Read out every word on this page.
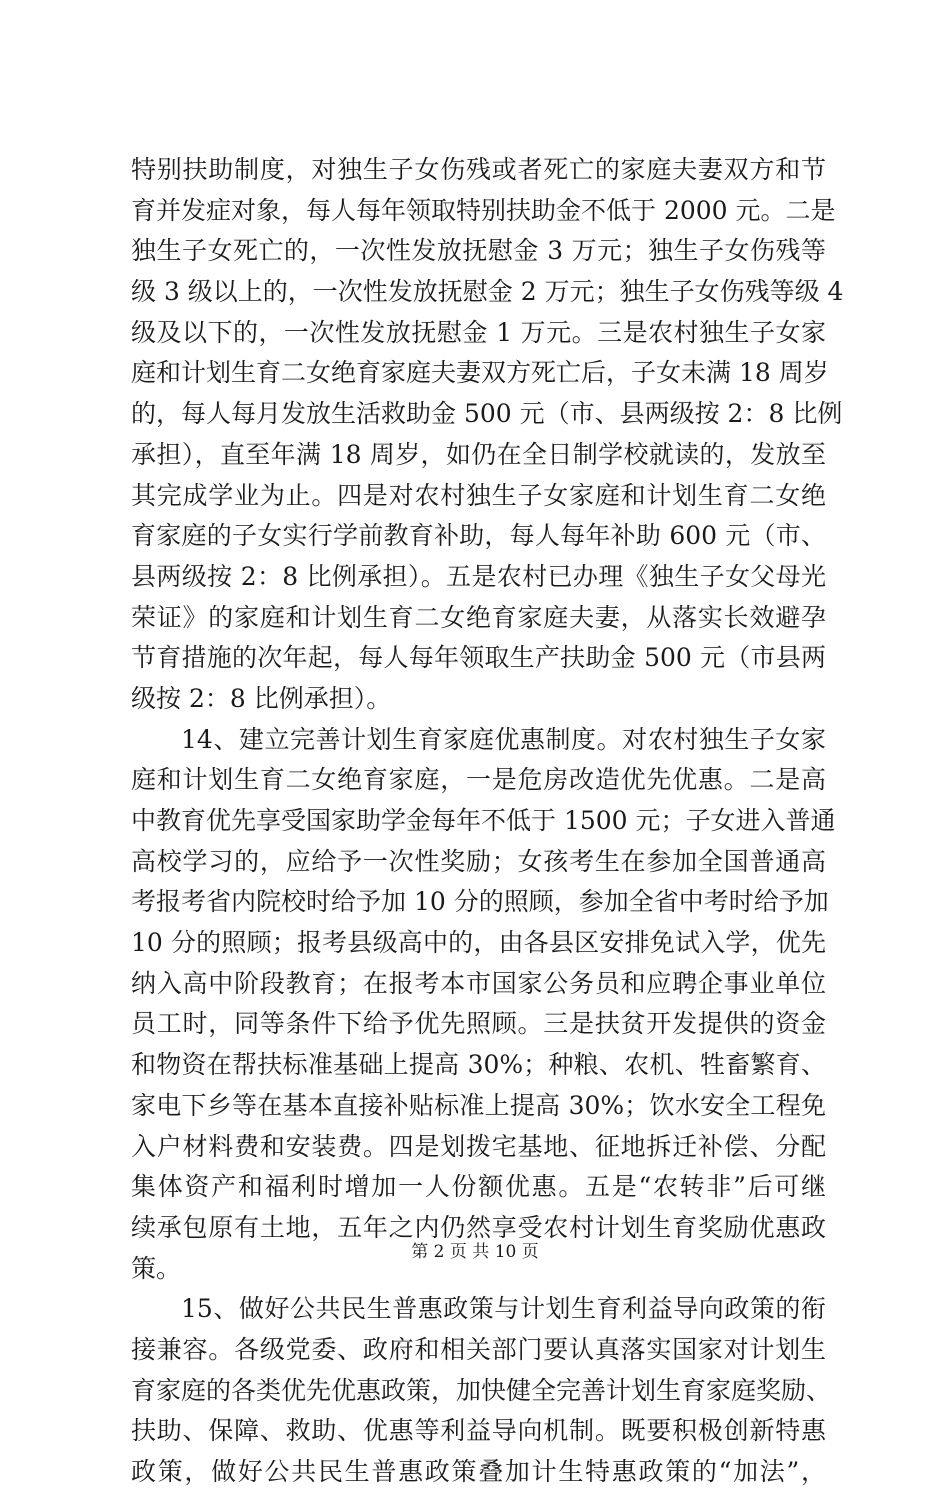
特别扶助制度，对独生子女伤残或者死亡的家庭夫妻双方和节
育并发症对象，每人每年领取特别扶助金不低于 2000 元。二是
独生子女死亡的，一次性发放抚慰金 3 万元；独生子女伤残等
级 3 级以上的，一次性发放抚慰金 2 万元；独生子女伤残等级 4
级及以下的，一次性发放抚慰金 1 万元。三是农村独生子女家
庭和计划生育二女绝育家庭夫妻双方死亡后，子女未满 18 周岁
的，每人每月发放生活救助金 500 元（市、县两级按 2：8 比例
承担），直至年满 18 周岁，如仍在全日制学校就读的，发放至
其完成学业为止。四是对农村独生子女家庭和计划生育二女绝
育家庭的子女实行学前教育补助，每人每年补助 600 元（市、
县两级按 2：8 比例承担）。五是农村已办理《独生子女父母光
荣证》的家庭和计划生育二女绝育家庭夫妻，从落实长效避孕
节育措施的次年起，每人每年领取生产扶助金 500 元（市县两
级按 2：8 比例承担）。
14、建立完善计划生育家庭优惠制度。对农村独生子女家
庭和计划生育二女绝育家庭，一是危房改造优先优惠。二是高
中教育优先享受国家助学金每年不低于 1500 元；子女进入普通
高校学习的，应给予一次性奖励；女孩考生在参加全国普通高
考报考省内院校时给予加 10 分的照顾，参加全省中考时给予加
10 分的照顾；报考县级高中的，由各县区安排免试入学，优先
纳入高中阶段教育；在报考本市国家公务员和应聘企事业单位
员工时，同等条件下给予优先照顾。三是扶贫开发提供的资金
和物资在帮扶标准基础上提高 30%；种粮、农机、牲畜繁育、
家电下乡等在基本直接补贴标准上提高 30%；饮水安全工程免
入户材料费和安装费。四是划拨宅基地、征地拆迁补偿、分配
集体资产和福利时增加一人份额优惠。五是“农转非”后可继
续承包原有土地，五年之内仍然享受农村计划生育奖励优惠政
策。
15、做好公共民生普惠政策与计划生育利益导向政策的衔
接兼容。各级党委、政府和相关部门要认真落实国家对计划生
育家庭的各类优先优惠政策，加快健全完善计划生育家庭奖励、
扶助、保障、救助、优惠等利益导向机制。既要积极创新特惠
政策，做好公共民生普惠政策叠加计生特惠政策的“加法”，
第 2 页 共 10 页
